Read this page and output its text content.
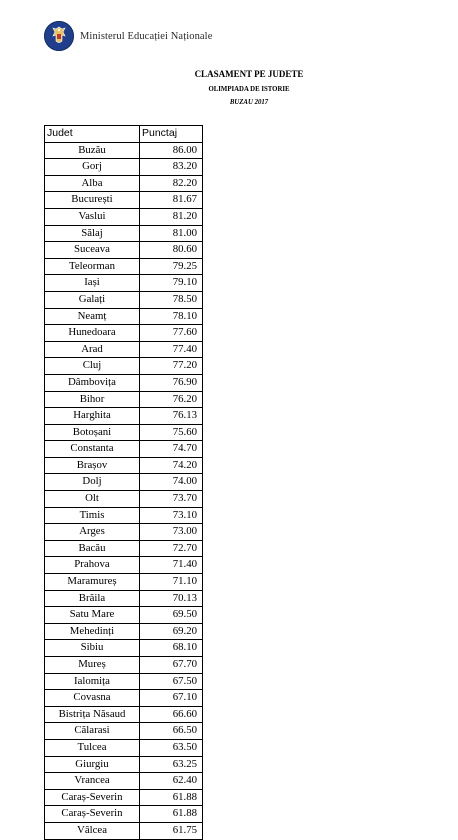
Ministerul Educației Naționale
CLASAMENT PE JUDETE
OLIMPIADA DE ISTORIE
BUZAU 2017
Judet	Punctaj
Buzău	86.00
Gorj	83.20
Alba	82.20
București	81.67
Vaslui	81.20
Sălaj	81.00
Suceava	80.60
Teleorman	79.25
Iași	79.10
Galați	78.50
Neamț	78.10
Hunedoara	77.60
Arad	77.40
Cluj	77.20
Dâmbovița	76.90
Bihor	76.20
Harghita	76.13
Botoșani	75.60
Constanta	74.70
Brașov	74.20
Dolj	74.00
Olt	73.70
Timis	73.10
Arges	73.00
Bacău	72.70
Prahova	71.40
Maramureș	71.10
Brăila	70.13
Satu Mare	69.50
Mehedinți	69.20
Sibiu	68.10
Mureș	67.70
Ialomița	67.50
Covasna	67.10
Bistrița Năsaud	66.60
Călarasi	66.50
Tulcea	63.50
Giurgiu	63.25
Vrancea	62.40
Caraș-Severin	61.88
Caraș-Severin	61.88
Vâlcea	61.75
